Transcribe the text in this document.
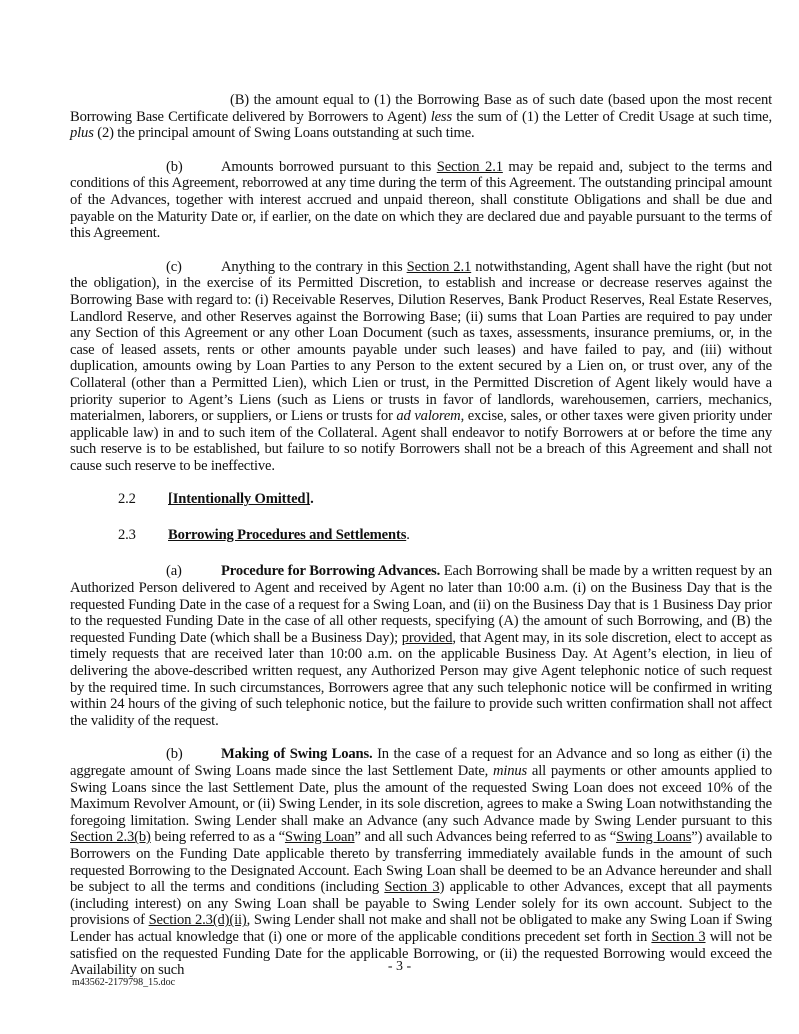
(B) the amount equal to (1) the Borrowing Base as of such date (based upon the most recent Borrowing Base Certificate delivered by Borrowers to Agent) less the sum of (1) the Letter of Credit Usage at such time, plus (2) the principal amount of Swing Loans outstanding at such time.

(b)	Amounts borrowed pursuant to this Section 2.1 may be repaid and, subject to the terms and conditions of this Agreement, reborrowed at any time during the term of this Agreement. The outstanding principal amount of the Advances, together with interest accrued and unpaid thereon, shall constitute Obligations and shall be due and payable on the Maturity Date or, if earlier, on the date on which they are declared due and payable pursuant to the terms of this Agreement.

(c)	Anything to the contrary in this Section 2.1 notwithstanding, Agent shall have the right (but not the obligation), in the exercise of its Permitted Discretion, to establish and increase or decrease reserves against the Borrowing Base with regard to: (i) Receivable Reserves, Dilution Reserves, Bank Product Reserves, Real Estate Reserves, Landlord Reserve, and other Reserves against the Borrowing Base; (ii) sums that Loan Parties are required to pay under any Section of this Agreement or any other Loan Document (such as taxes, assessments, insurance premiums, or, in the case of leased assets, rents or other amounts payable under such leases) and have failed to pay, and (iii) without duplication, amounts owing by Loan Parties to any Person to the extent secured by a Lien on, or trust over, any of the Collateral (other than a Permitted Lien), which Lien or trust, in the Permitted Discretion of Agent likely would have a priority superior to Agent’s Liens (such as Liens or trusts in favor of landlords, warehousemen, carriers, mechanics, materialmen, laborers, or suppliers, or Liens or trusts for ad valorem, excise, sales, or other taxes were given priority under applicable law) in and to such item of the Collateral. Agent shall endeavor to notify Borrowers at or before the time any such reserve is to be established, but failure to so notify Borrowers shall not be a breach of this Agreement and shall not cause such reserve to be ineffective.

2.2 [Intentionally Omitted].
2.3 Borrowing Procedures and Settlements.

(a)	Procedure for Borrowing Advances. Each Borrowing shall be made by a written request by an Authorized Person delivered to Agent and received by Agent no later than 10:00 a.m. (i) on the Business Day that is the requested Funding Date in the case of a request for a Swing Loan, and (ii) on the Business Day that is 1 Business Day prior to the requested Funding Date in the case of all other requests, specifying (A) the amount of such Borrowing, and (B) the requested Funding Date (which shall be a Business Day); provided, that Agent may, in its sole discretion, elect to accept as timely requests that are received later than 10:00 a.m. on the applicable Business Day. At Agent’s election, in lieu of delivering the above-described written request, any Authorized Person may give Agent telephonic notice of such request by the required time. In such circumstances, Borrowers agree that any such telephonic notice will be confirmed in writing within 24 hours of the giving of such telephonic notice, but the failure to provide such written confirmation shall not affect the validity of the request.

(b)	Making of Swing Loans. In the case of a request for an Advance and so long as either (i) the aggregate amount of Swing Loans made since the last Settlement Date, minus all payments or other amounts applied to Swing Loans since the last Settlement Date, plus the amount of the requested Swing Loan does not exceed 10% of the Maximum Revolver Amount, or (ii) Swing Lender, in its sole discretion, agrees to make a Swing Loan notwithstanding the foregoing limitation. Swing Lender shall make an Advance (any such Advance made by Swing Lender pursuant to this Section 2.3(b) being referred to as a “Swing Loan” and all such Advances being referred to as “Swing Loans”) available to Borrowers on the Funding Date applicable thereto by transferring immediately available funds in the amount of such requested Borrowing to the Designated Account. Each Swing Loan shall be deemed to be an Advance hereunder and shall be subject to all the terms and conditions (including Section 3) applicable to other Advances, except that all payments (including interest) on any Swing Loan shall be payable to Swing Lender solely for its own account. Subject to the provisions of Section 2.3(d)(ii), Swing Lender shall not make and shall not be obligated to make any Swing Loan if Swing Lender has actual knowledge that (i) one or more of the applicable conditions precedent set forth in Section 3 will not be satisfied on the requested Funding Date for the applicable Borrowing, or (ii) the requested Borrowing would exceed the Availability on such	- 3 -
m43562-2179798_15.doc
